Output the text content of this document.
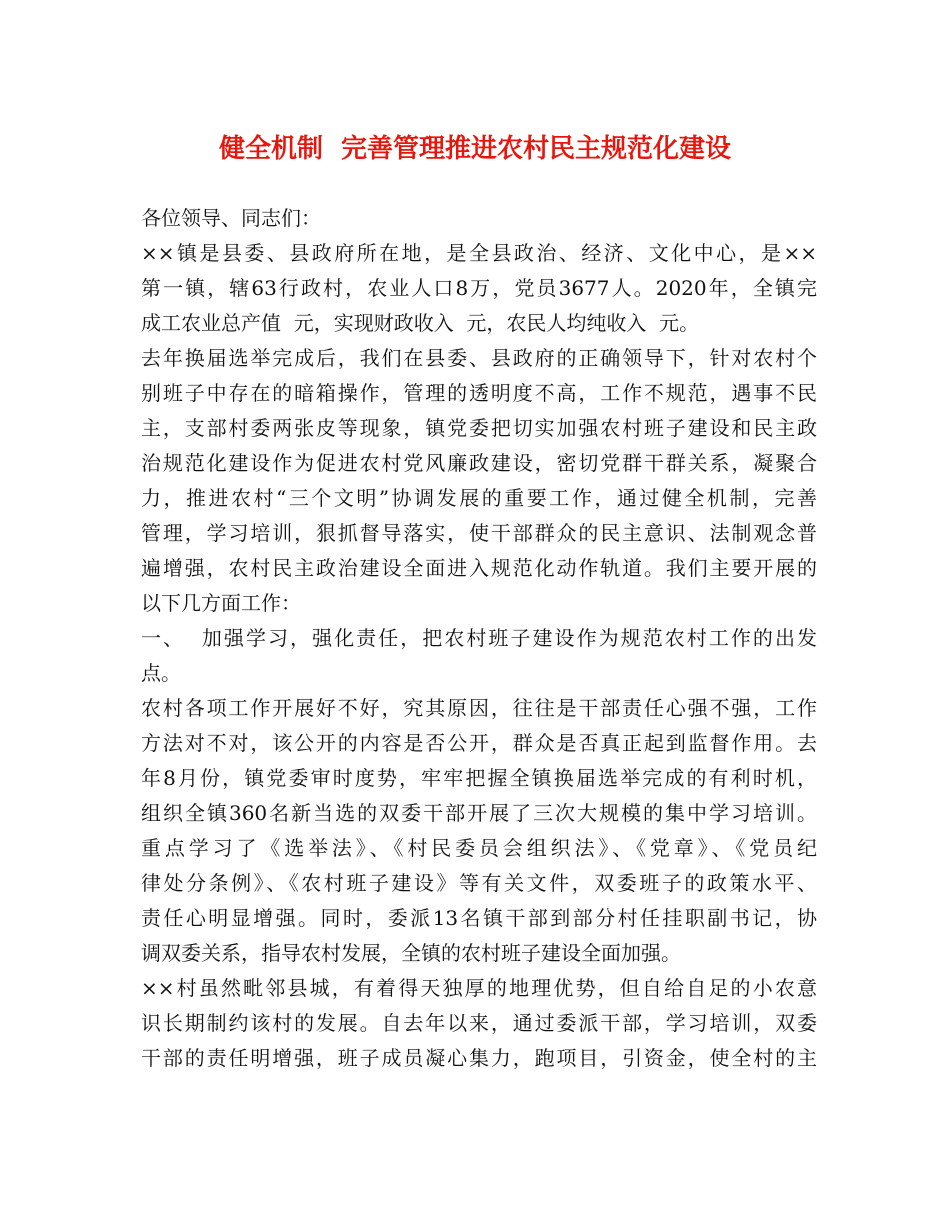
健全机制  完善管理推进农村民主规范化建设
各位领导、同志们：
××镇是县委、县政府所在地，是全县政治、经济、文化中心，是××
第一镇，辖63行政村，农业人口8万，党员3677人。2020年，全镇完
成工农业总产值  元，实现财政收入  元，农民人均纯收入  元。
去年换届选举完成后，我们在县委、县政府的正确领导下，针对农村个
别班子中存在的暗箱操作，管理的透明度不高，工作不规范，遇事不民
主，支部村委两张皮等现象，镇党委把切实加强农村班子建设和民主政
治规范化建设作为促进农村党风廉政建设，密切党群干群关系，凝聚合
力，推进农村“三个文明”协调发展的重要工作，通过健全机制，完善
管理，学习培训，狠抓督导落实，使干部群众的民主意识、法制观念普
遍增强，农村民主政治建设全面进入规范化动作轨道。我们主要开展的
以下几方面工作：
一、  加强学习，强化责任，把农村班子建设作为规范农村工作的出发
点。
农村各项工作开展好不好，究其原因，往往是干部责任心强不强，工作
方法对不对，该公开的内容是否公开，群众是否真正起到监督作用。去
年8月份，镇党委审时度势，牢牢把握全镇换届选举完成的有利时机，
组织全镇360名新当选的双委干部开展了三次大规模的集中学习培训。
重点学习了《选举法》、《村民委员会组织法》、《党章》、《党员纪
律处分条例》、《农村班子建设》等有关文件，双委班子的政策水平、
责任心明显增强。同时，委派13名镇干部到部分村任挂职副书记，协
调双委关系，指导农村发展，全镇的农村班子建设全面加强。
××村虽然毗邻县城，有着得天独厚的地理优势，但自给自足的小农意
识长期制约该村的发展。自去年以来，通过委派干部，学习培训，双委
干部的责任明增强，班子成员凝心集力，跑项目，引资金，使全村的主
